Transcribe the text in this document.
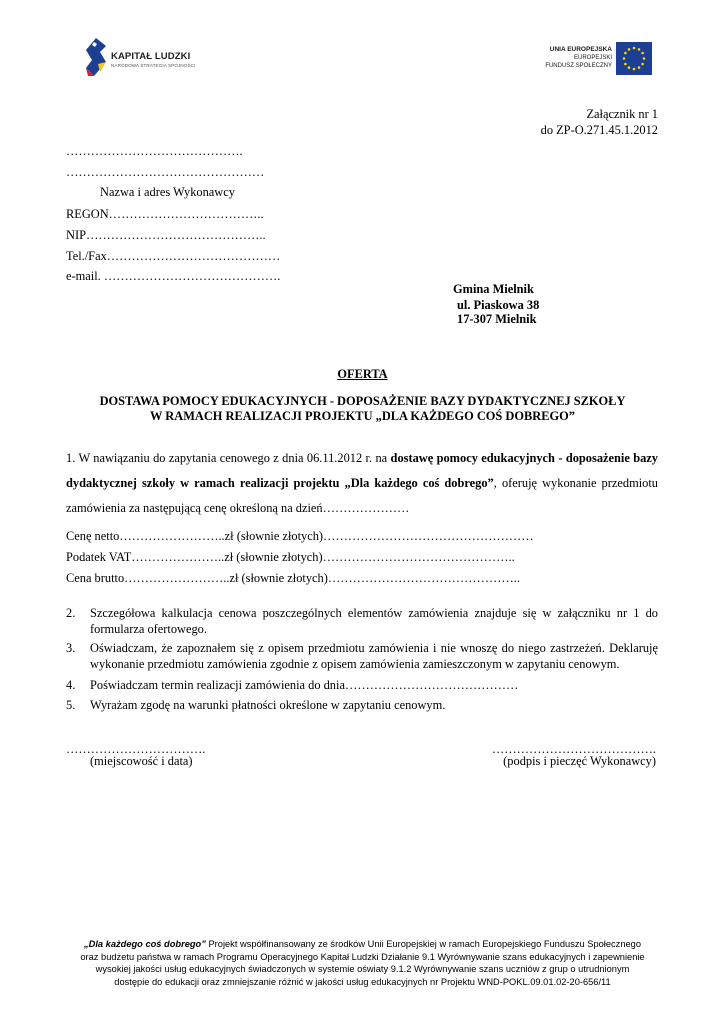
KAPITAŁ LUDZKI
NARODOWA STRATEGIA SPÓJNOŚCI
UNIA EUROPEJSKA
EUROPEJSKI
FUNDUSZ SPOŁECZNY
Załącznik nr 1
do ZP-O.271.45.1.2012
…………………………………….
…………………………………………
Nazwa i adres Wykonawcy
REGON………………………………..
NIP……………………………………..
Tel./Fax……………………………………
e-mail. …………………………………….
Gmina Mielnik
ul. Piaskowa 38
17-307 Mielnik
OFERTA
DOSTAWA POMOCY EDUKACYJNYCH - DOPOSAŻENIE BAZY DYDAKTYCZNEJ SZKOŁY
W RAMACH REALIZACJI PROJEKTU „DLA KAŻDEGO COŚ DOBREGO”
1. W nawiązaniu do zapytania cenowego z dnia 06.11.2012 r. na dostawę pomocy edukacyjnych - doposażenie bazy dydaktycznej szkoły w ramach realizacji projektu „Dla każdego coś dobrego”, oferuję wykonanie przedmiotu zamówienia za następującą cenę określoną na dzień…………………
Cenę netto……………………..zł (słownie złotych)……………………………………………
Podatek VAT…………………..zł (słownie złotych)………………………………………..
Cena brutto……………………..zł (słownie złotych)………………………………………..
2. Szczegółowa kalkulacja cenowa poszczególnych elementów zamówienia znajduje się w załączniku nr 1 do formularza ofertowego.
3. Oświadczam, że zapoznałem się z opisem przedmiotu zamówienia i nie wnoszę do niego zastrzeżeń. Deklaruję wykonanie przedmiotu zamówienia zgodnie z opisem zamówienia zamieszczonym w zapytaniu cenowym.
4. Poświadczam termin realizacji zamówienia do dnia……………………………………
5. Wyrażam zgodę na warunki płatności określone w zapytaniu cenowym.
…………………………….
(miejscowość i data)
………………………………….
(podpis i pieczęć Wykonawcy)
„Dla każdego coś dobrego” Projekt współfinansowany ze środków Unii Europejskiej w ramach Europejskiego Funduszu Społecznego
oraz budżetu państwa w ramach Programu Operacyjnego Kapitał Ludzki Działanie 9.1 Wyrównywanie szans edukacyjnych i zapewnienie
wysokiej jakości usług edukacyjnych świadczonych w systemie oświaty 9.1.2 Wyrównywanie szans uczniów z grup o utrudnionym
dostępie do edukacji oraz zmniejszanie różnić w jakości usług edukacyjnych nr Projektu WND-POKL.09.01.02-20-656/11
